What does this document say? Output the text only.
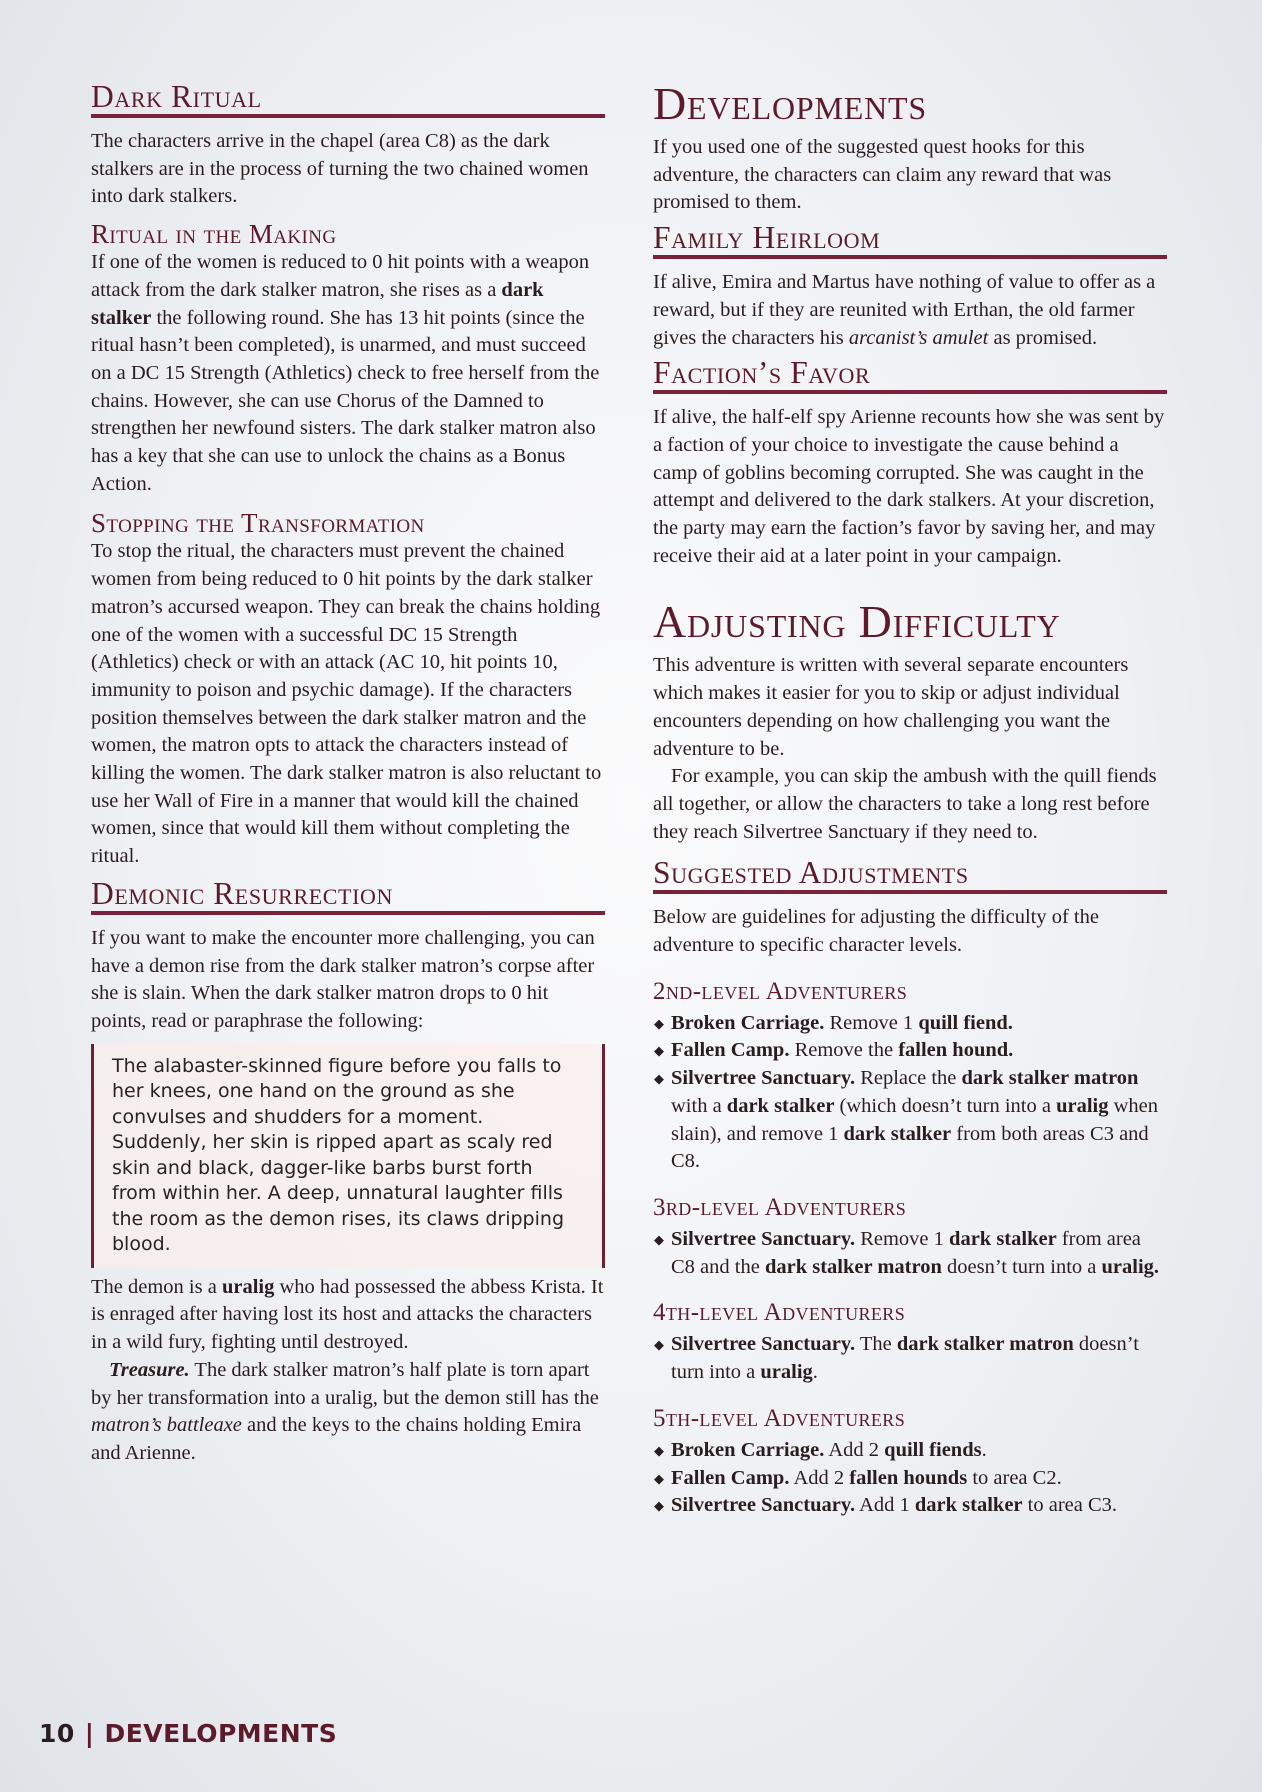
Dark Ritual

The characters arrive in the chapel (area C8) as the dark stalkers are in the process of turning the two chained women into dark stalkers.

Ritual in the Making

If one of the women is reduced to 0 hit points with a weapon attack from the dark stalker matron, she rises as a dark stalker the following round. She has 13 hit points (since the ritual hasn’t been completed), is unarmed, and must succeed on a DC 15 Strength (Athletics) check to free herself from the chains. However, she can use Chorus of the Damned to strengthen her newfound sisters. The dark stalker matron also has a key that she can use to unlock the chains as a Bonus Action.

Stopping the Transformation

To stop the ritual, the characters must prevent the chained women from being reduced to 0 hit points by the dark stalker matron’s accursed weapon. They can break the chains holding one of the women with a successful DC 15 Strength (Athletics) check or with an attack (AC 10, hit points 10, immunity to poison and psychic damage). If the characters position themselves between the dark stalker matron and the women, the matron opts to attack the characters instead of killing the women. The dark stalker matron is also reluctant to use her Wall of Fire in a manner that would kill the chained women, since that would kill them without completing the ritual.

Demonic Resurrection

If you want to make the encounter more challenging, you can have a demon rise from the dark stalker matron’s corpse after she is slain. When the dark stalker matron drops to 0 hit points, read or paraphrase the following:

The alabaster-skinned figure before you falls to her knees, one hand on the ground as she convulses and shudders for a moment. Suddenly, her skin is ripped apart as scaly red skin and black, dagger-like barbs burst forth from within her. A deep, unnatural laughter fills the room as the demon rises, its claws dripping blood.

The demon is a uralig who had possessed the abbess Krista. It is enraged after having lost its host and attacks the characters in a wild fury, fighting until destroyed.

Treasure. The dark stalker matron’s half plate is torn apart by her transformation into a uralig, but the demon still has the matron’s battleaxe and the keys to the chains holding Emira and Arienne.

Developments

If you used one of the suggested quest hooks for this adventure, the characters can claim any reward that was promised to them.

Family Heirloom

If alive, Emira and Martus have nothing of value to offer as a reward, but if they are reunited with Erthan, the old farmer gives the characters his arcanist’s amulet as promised.

Faction’s Favor

If alive, the half-elf spy Arienne recounts how she was sent by a faction of your choice to investigate the cause behind a camp of goblins becoming corrupted. She was caught in the attempt and delivered to the dark stalkers. At your discretion, the party may earn the faction’s favor by saving her, and may receive their aid at a later point in your campaign.

Adjusting Difficulty

This adventure is written with several separate encounters which makes it easier for you to skip or adjust individual encounters depending on how challenging you want the adventure to be.

For example, you can skip the ambush with the quill fiends all together, or allow the characters to take a long rest before they reach Silvertree Sanctuary if they need to.

Suggested Adjustments

Below are guidelines for adjusting the difficulty of the adventure to specific character levels.

2nd-level Adventurers
◆ Broken Carriage. Remove 1 quill fiend.
◆ Fallen Camp. Remove the fallen hound.
◆ Silvertree Sanctuary. Replace the dark stalker matron with a dark stalker (which doesn’t turn into a uralig when slain), and remove 1 dark stalker from both areas C3 and C8.
3rd-level Adventurers
◆ Silvertree Sanctuary. Remove 1 dark stalker from area C8 and the dark stalker matron doesn’t turn into a uralig.
4th-level Adventurers
◆ Silvertree Sanctuary. The dark stalker matron doesn’t turn into a uralig.
5th-level Adventurers
◆ Broken Carriage. Add 2 quill fiends.
◆ Fallen Camp. Add 2 fallen hounds to area C2.
◆ Silvertree Sanctuary. Add 1 dark stalker to area C3.
10 | DEVELOPMENTS
